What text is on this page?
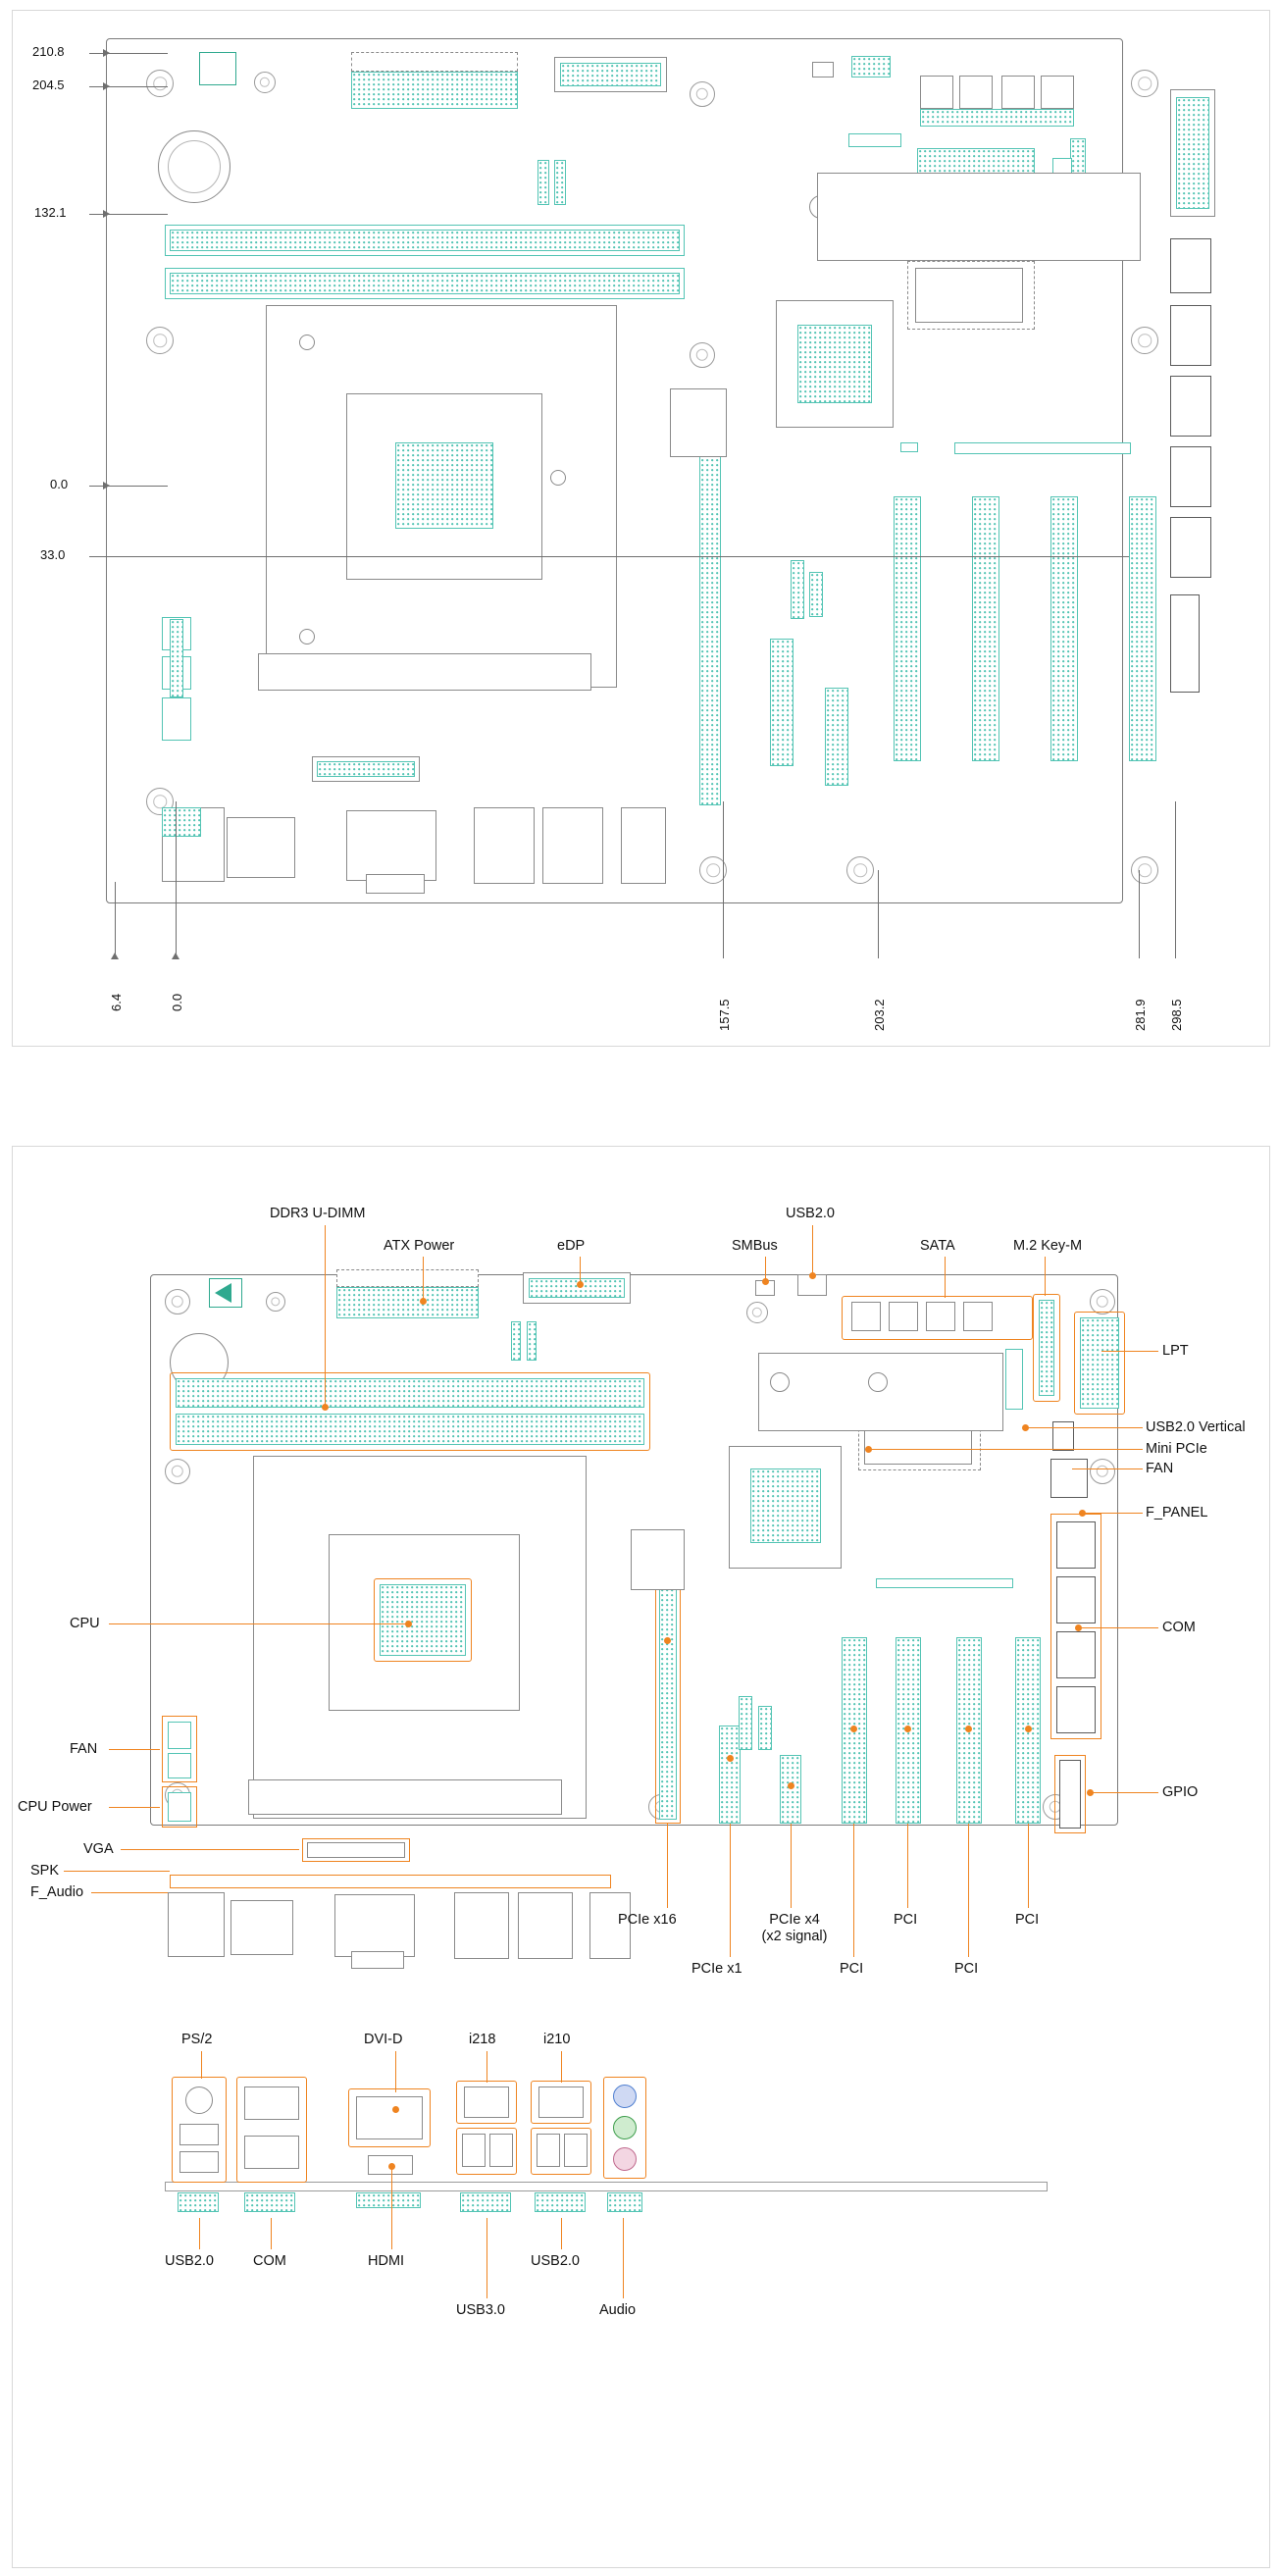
210.8
204.5
132.1
0.0
33.0
6.4	0.0	157.5	203.2	281.9 298.5
DDR3 U-DIMM
ATX Power	eDP	SMBus
USB2.0
SATA	M.2 Key-M
LPT
USB2.0 Vertical
Mini PCIe
FAN
F_PANEL
COM
GPIO
CPU
FAN
CPU Power
VGA
SPK
F_Audio
PCIe x16
PCIe x1
PCIe x4
(x2 signal)
PCI
PCI
PCI
PCI
PS/2	DVI-D	i218	i210
USB2.0	COM	HDMI
USB3.0
USB2.0
Audio
